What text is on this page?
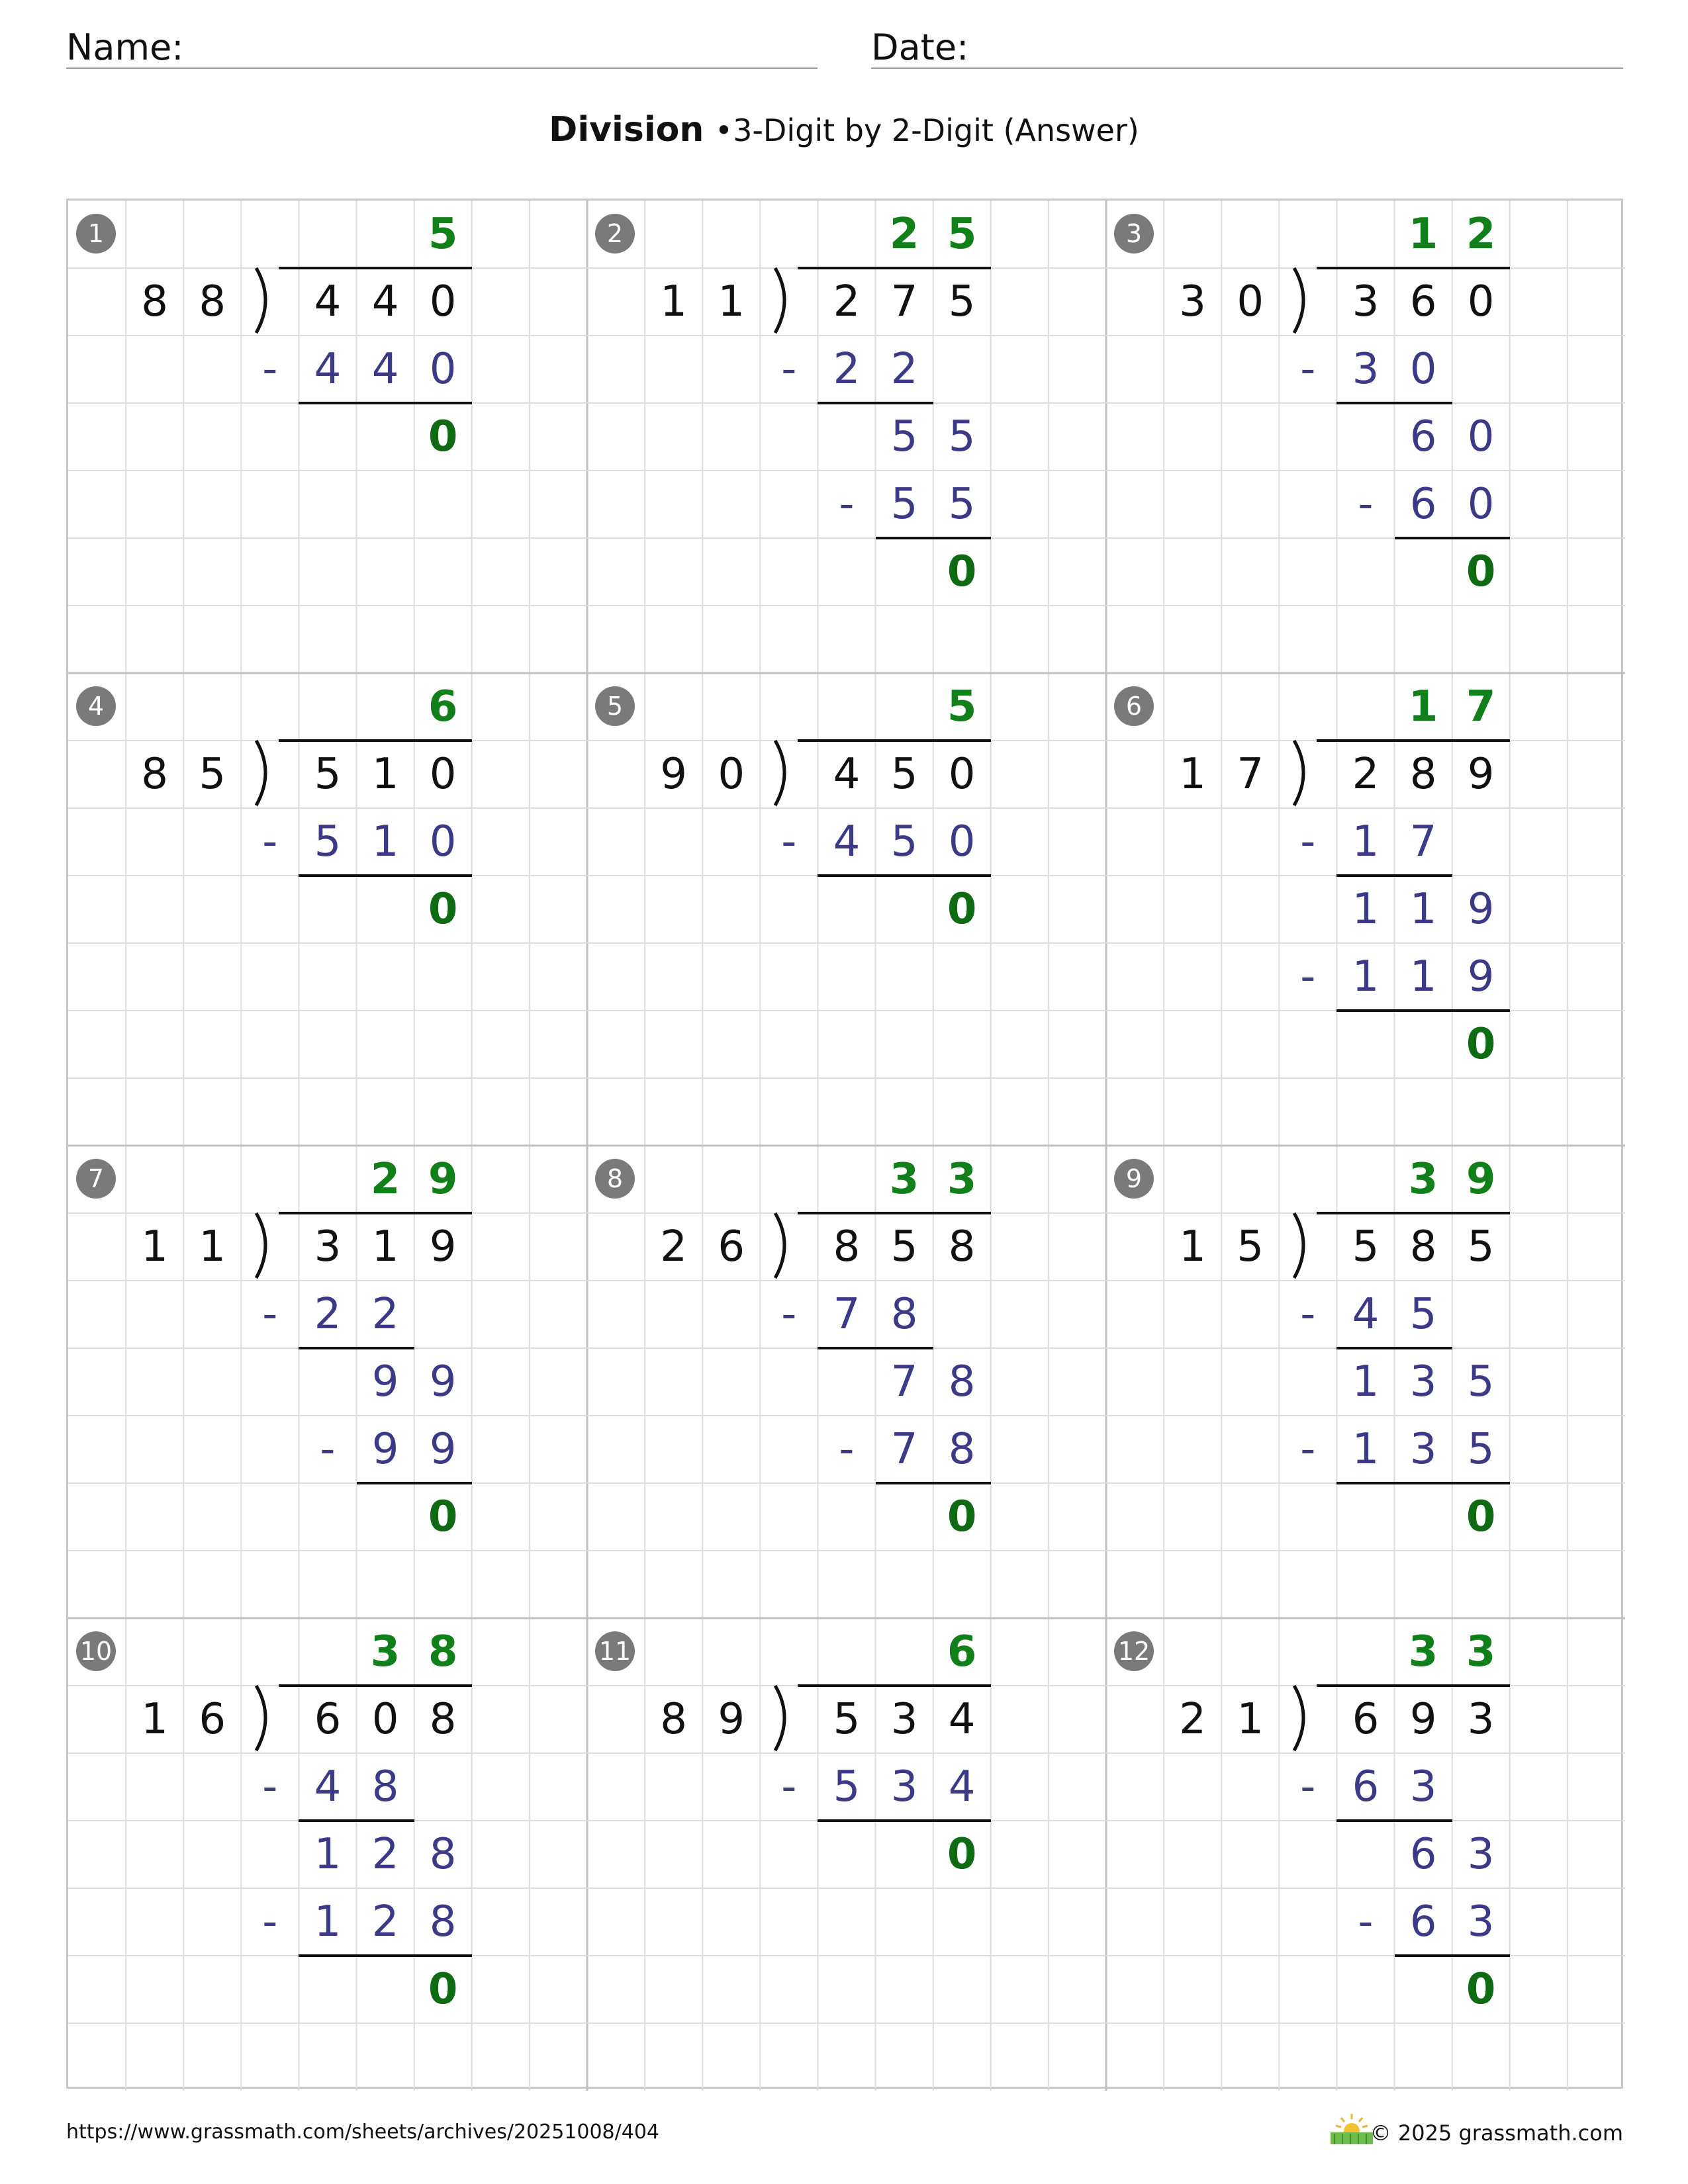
Name:	Date:
Division •3-Digit by 2-Digit (Answer)
1
8 8	4 4 0
5
- 4 4 0
0
2
1 1	2 7 5
2 5
- 2 2
5 5
- 5 5
0
3
3 0	3 6 0
1 2
- 3 0
6 0
- 6 0
0
4
8 5	5 1 0
6
- 5 1 0
0
5
9 0	4 5 0
5
- 4 5 0
0
6
1 7	2 8 9
1 7
- 1 7
1 1 9
- 1 1 9
0
7
1 1	3 1 9
2 9
- 2 2
9 9
- 9 9
0
8
2 6	8 5 8
3 3
- 7 8
7 8
- 7 8
0
9
1 5	5 8 5
3 9
- 4 5
1 3 5
- 1 3 5
0
10
1 6	6 0 8
3 8
- 4 8
1 2 8
- 1 2 8
0
11
8 9	5 3 4
6
- 5 3 4
0
12
2 1	6 9 3
3 3
- 6 3
6 3
- 6 3
0
https://www.grassmath.com/sheets/archives/20251008/404	© 2025 grassmath.com
